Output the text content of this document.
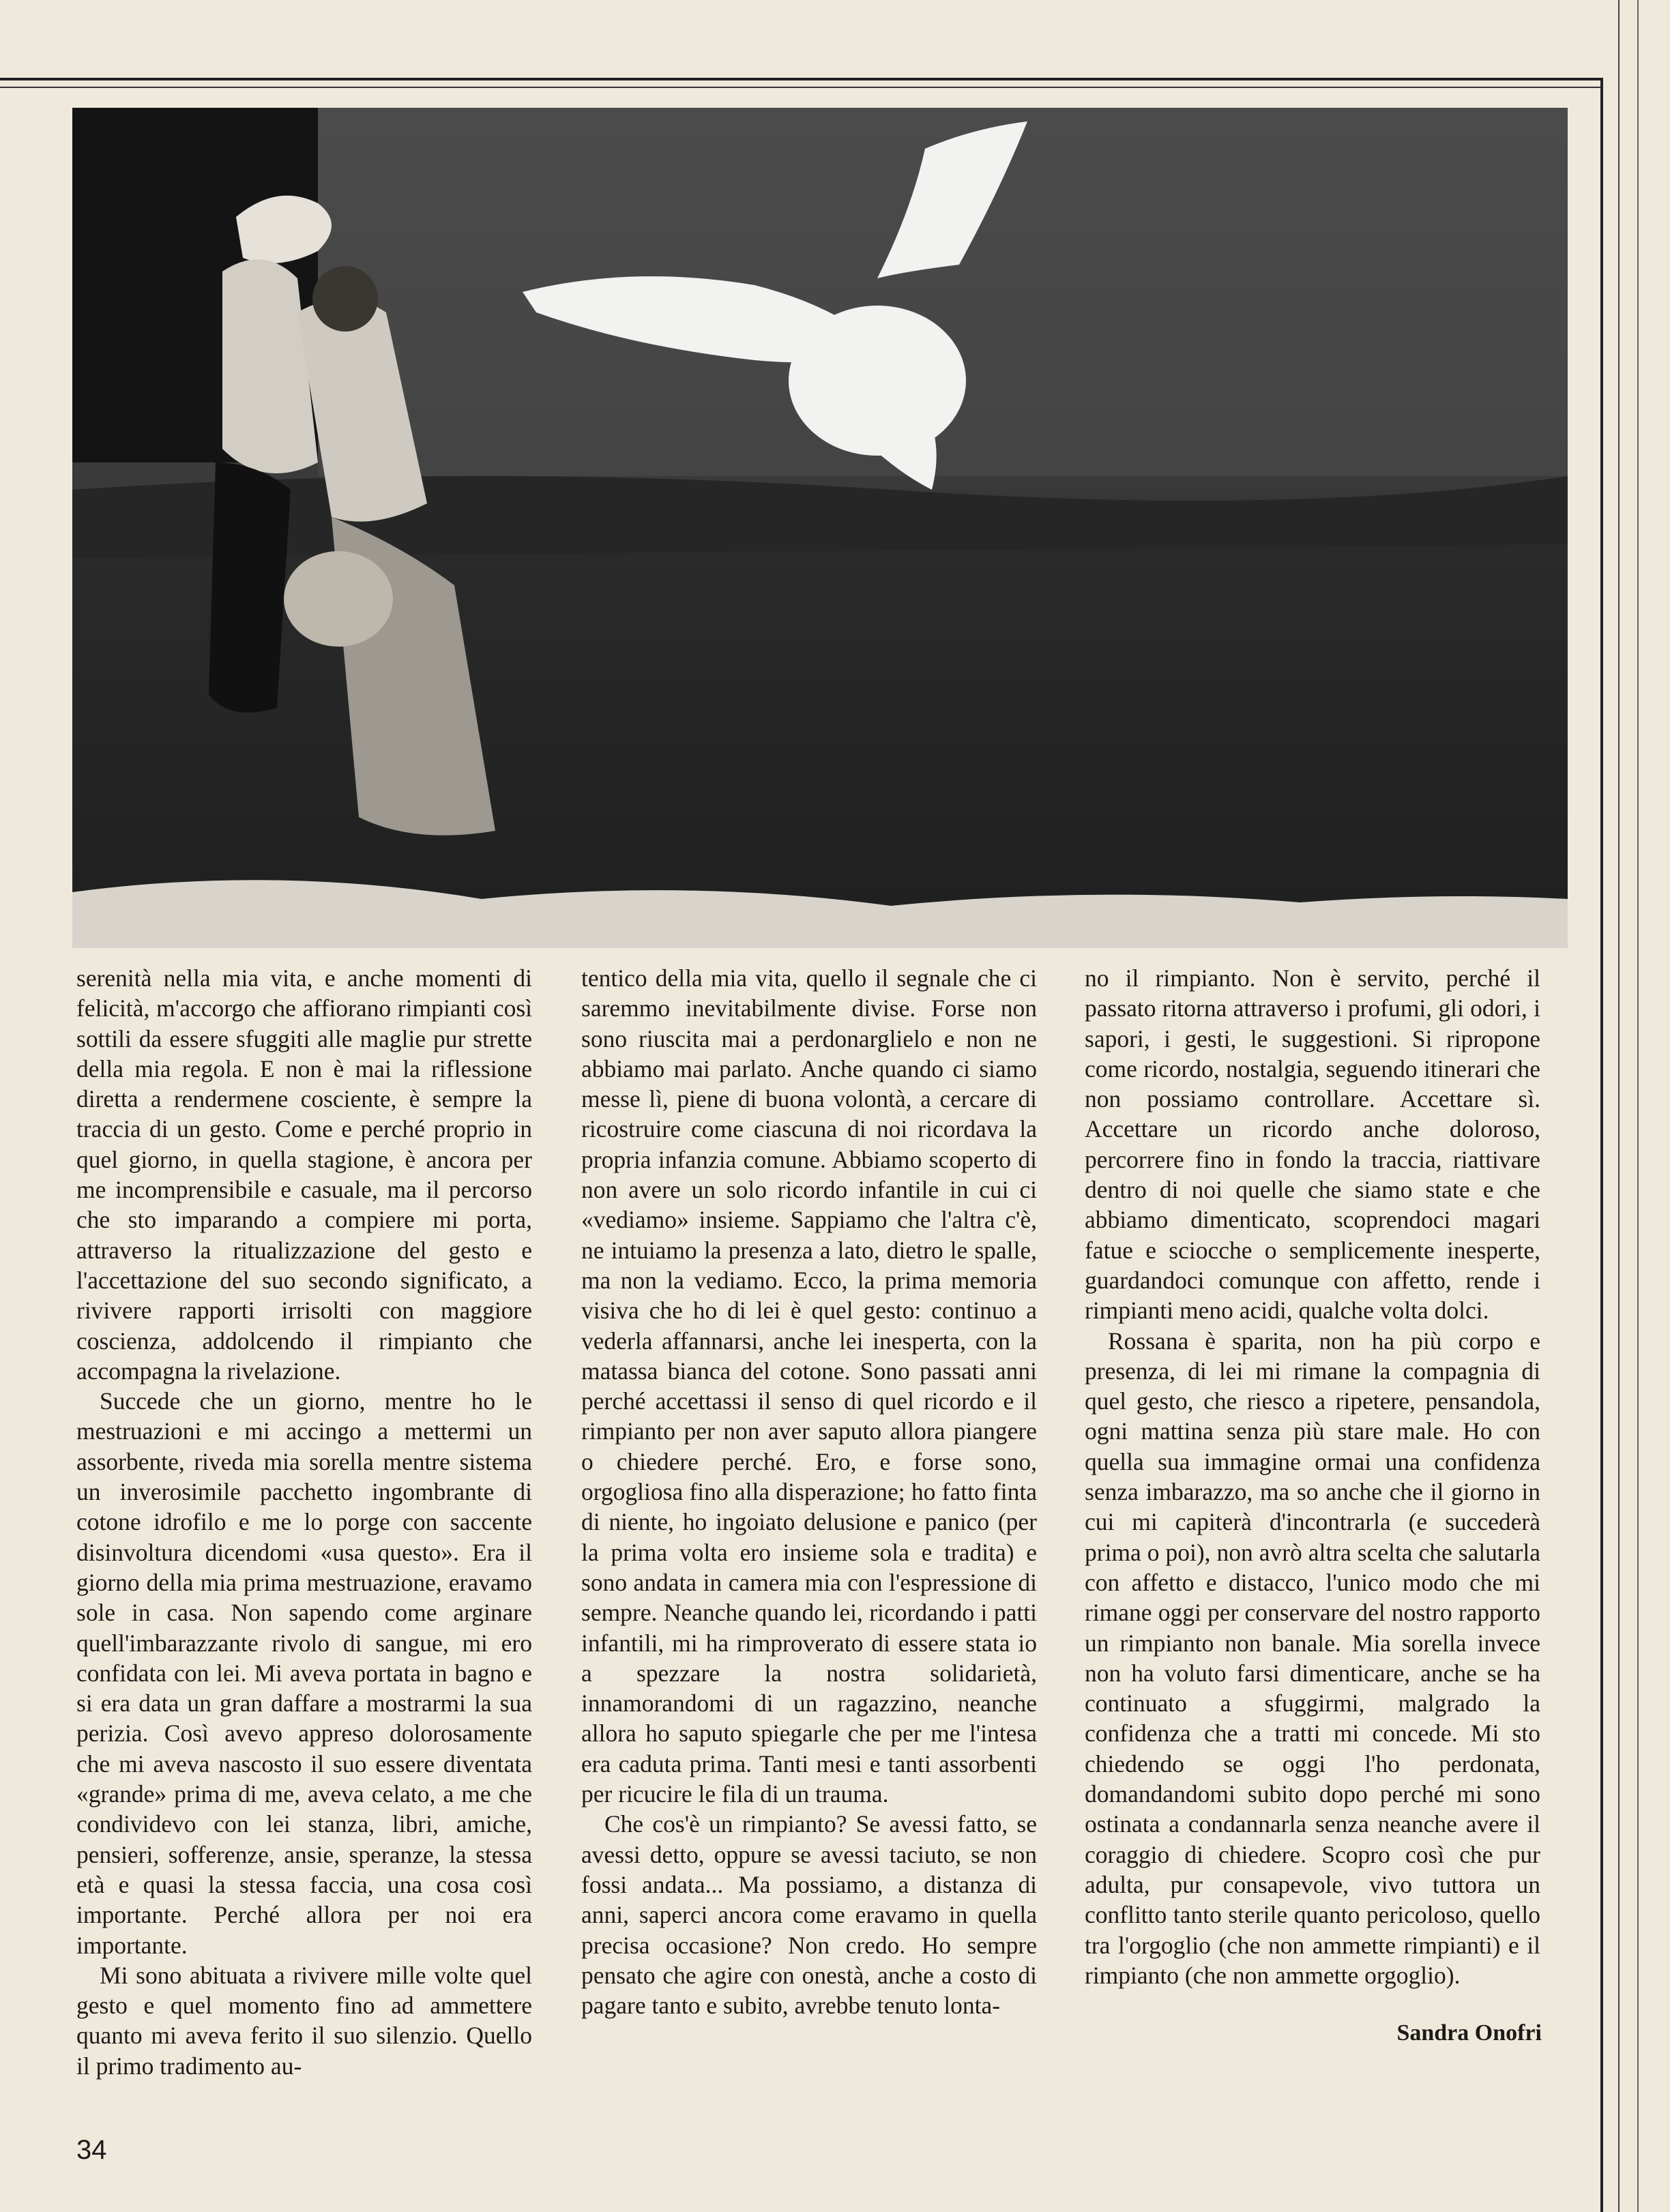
serenità nella mia vita, e anche momenti di felicità, m'accorgo che affiorano rimpianti così sottili da essere sfuggiti alle maglie pur strette della mia regola. E non è mai la riflessione diretta a rendermene cosciente, è sempre la traccia di un gesto. Come e perché proprio in quel giorno, in quella stagione, è ancora per me incomprensibile e casuale, ma il percorso che sto imparando a compiere mi porta, attraverso la ritualizzazione del gesto e l'accettazione del suo secondo significato, a rivivere rapporti irrisolti con maggiore coscienza, addolcendo il rimpianto che accompagna la rivelazione.

Succede che un giorno, mentre ho le mestruazioni e mi accingo a mettermi un assorbente, riveda mia sorella mentre sistema un inverosimile pacchetto ingombrante di cotone idrofilo e me lo porge con saccente disinvoltura dicendomi «usa questo». Era il giorno della mia prima mestruazione, eravamo sole in casa. Non sapendo come arginare quell'imbarazzante rivolo di sangue, mi ero confidata con lei. Mi aveva portata in bagno e si era data un gran daffare a mostrarmi la sua perizia. Così avevo appreso dolorosamente che mi aveva nascosto il suo essere diventata «grande» prima di me, aveva celato, a me che condividevo con lei stanza, libri, amiche, pensieri, sofferenze, ansie, speranze, la stessa età e quasi la stessa faccia, una cosa così importante. Perché allora per noi era importante.

Mi sono abituata a rivivere mille volte quel gesto e quel momento fino ad ammettere quanto mi aveva ferito il suo silenzio. Quello il primo tradimento au-

tentico della mia vita, quello il segnale che ci saremmo inevitabilmente divise. Forse non sono riuscita mai a perdonarglielo e non ne abbiamo mai parlato. Anche quando ci siamo messe lì, piene di buona volontà, a cercare di ricostruire come ciascuna di noi ricordava la propria infanzia comune. Abbiamo scoperto di non avere un solo ricordo infantile in cui ci «vediamo» insieme. Sappiamo che l'altra c'è, ne intuiamo la presenza a lato, dietro le spalle, ma non la vediamo. Ecco, la prima memoria visiva che ho di lei è quel gesto: continuo a vederla affannarsi, anche lei inesperta, con la matassa bianca del cotone. Sono passati anni perché accettassi il senso di quel ricordo e il rimpianto per non aver saputo allora piangere o chiedere perché. Ero, e forse sono, orgogliosa fino alla disperazione; ho fatto finta di niente, ho ingoiato delusione e panico (per la prima volta ero insieme sola e tradita) e sono andata in camera mia con l'espressione di sempre. Neanche quando lei, ricordando i patti infantili, mi ha rimproverato di essere stata io a spezzare la nostra solidarietà, innamorandomi di un ragazzino, neanche allora ho saputo spiegarle che per me l'intesa era caduta prima. Tanti mesi e tanti assorbenti per ricucire le fila di un trauma.

Che cos'è un rimpianto? Se avessi fatto, se avessi detto, oppure se avessi taciuto, se non fossi andata... Ma possiamo, a distanza di anni, saperci ancora come eravamo in quella precisa occasione? Non credo. Ho sempre pensato che agire con onestà, anche a costo di pagare tanto e subito, avrebbe tenuto lonta-

no il rimpianto. Non è servito, perché il passato ritorna attraverso i profumi, gli odori, i sapori, i gesti, le suggestioni. Si ripropone come ricordo, nostalgia, seguendo itinerari che non possiamo controllare. Accettare sì. Accettare un ricordo anche doloroso, percorrere fino in fondo la traccia, riattivare dentro di noi quelle che siamo state e che abbiamo dimenticato, scoprendoci magari fatue e sciocche o semplicemente inesperte, guardandoci comunque con affetto, rende i rimpianti meno acidi, qualche volta dolci.

Rossana è sparita, non ha più corpo e presenza, di lei mi rimane la compagnia di quel gesto, che riesco a ripetere, pensandola, ogni mattina senza più stare male. Ho con quella sua immagine ormai una confidenza senza imbarazzo, ma so anche che il giorno in cui mi capiterà d'incontrarla (e succederà prima o poi), non avrò altra scelta che salutarla con affetto e distacco, l'unico modo che mi rimane oggi per conservare del nostro rapporto un rimpianto non banale. Mia sorella invece non ha voluto farsi dimenticare, anche se ha continuato a sfuggirmi, malgrado la confidenza che a tratti mi concede. Mi sto chiedendo se oggi l'ho perdonata, domandandomi subito dopo perché mi sono ostinata a condannarla senza neanche avere il coraggio di chiedere. Scopro così che pur adulta, pur consapevole, vivo tuttora un conflitto tanto sterile quanto pericoloso, quello tra l'orgoglio (che non ammette rimpianti) e il rimpianto (che non ammette orgoglio).

Sandra Onofri
34
